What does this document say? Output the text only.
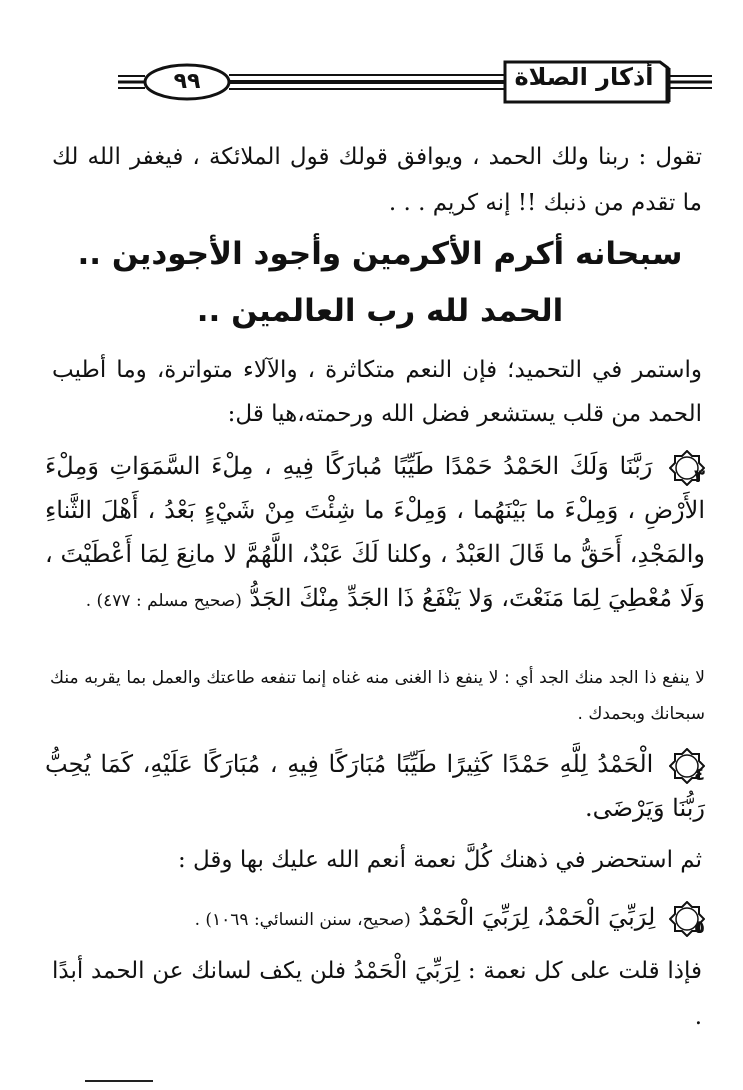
٩٩	أذكار الصلاة
تقول : ربنا ولك الحمد ، ويوافق قولك قول الملائكة ، فيغفر الله لك ما تقدم من ذنبك !! إنه كريم . . .
سبحانه أكرم الأكرمين وأجود الأجودين ..
الحمد لله رب العالمين ..
واستمر في التحميد؛ فإن النعم متكاثرة ، والآلاء متواترة، وما أطيب الحمد من قلب يستشعر فضل الله ورحمته،هيا قل:
٣
رَبَّنَا وَلَكَ الحَمْدُ حَمْدًا طَيِّبًا مُبارَكًا فِيهِ ، مِلْءَ السَّمَوَاتِ وَمِلْءَ الأَرْضِ ، وَمِلْءَ ما بَيْنَهُما ، وَمِلْءَ ما شِئْتَ مِنْ شَيْءٍ بَعْدُ ، أَهْلَ الثَّناءِ والمَجْدِ، أَحَقُّ ما قَالَ العَبْدُ ، وكلنا لَكَ عَبْدٌ، اللَّهُمَّ لا مانِعَ لِمَا أَعْطَيْتَ ، وَلَا مُعْطِيَ لِمَا مَنَعْتَ، وَلا يَنْفَعُ ذَا الجَدِّ مِنْكَ الجَدُّ (صحيح مسلم : ٤٧٧) .
لا ينفع ذا الجد منك الجد أي : لا ينفع ذا الغنى منه غناه إنما تنفعه طاعتك والعمل بما يقربه منك سبحانك وبحمدك .
٤
الْحَمْدُ لِلَّهِ حَمْدًا كَثِيرًا طَيِّبًا مُبَارَكًا فِيهِ ، مُبَارَكًا عَلَيْهِ، كَمَا يُحِبُّ رَبُّنَا وَيَرْضَى.
ثم استحضر في ذهنك كُلَّ نعمة أنعم الله عليك بها وقل :
٥
لِرَبِّيَ الْحَمْدُ، لِرَبِّيَ الْحَمْدُ (صحيح، سنن النسائي: ١٠٦٩) .
فإذا قلت على كل نعمة : لِرَبِّيَ الْحَمْدُ فلن يكف لسانك عن الحمد أبدًا .
